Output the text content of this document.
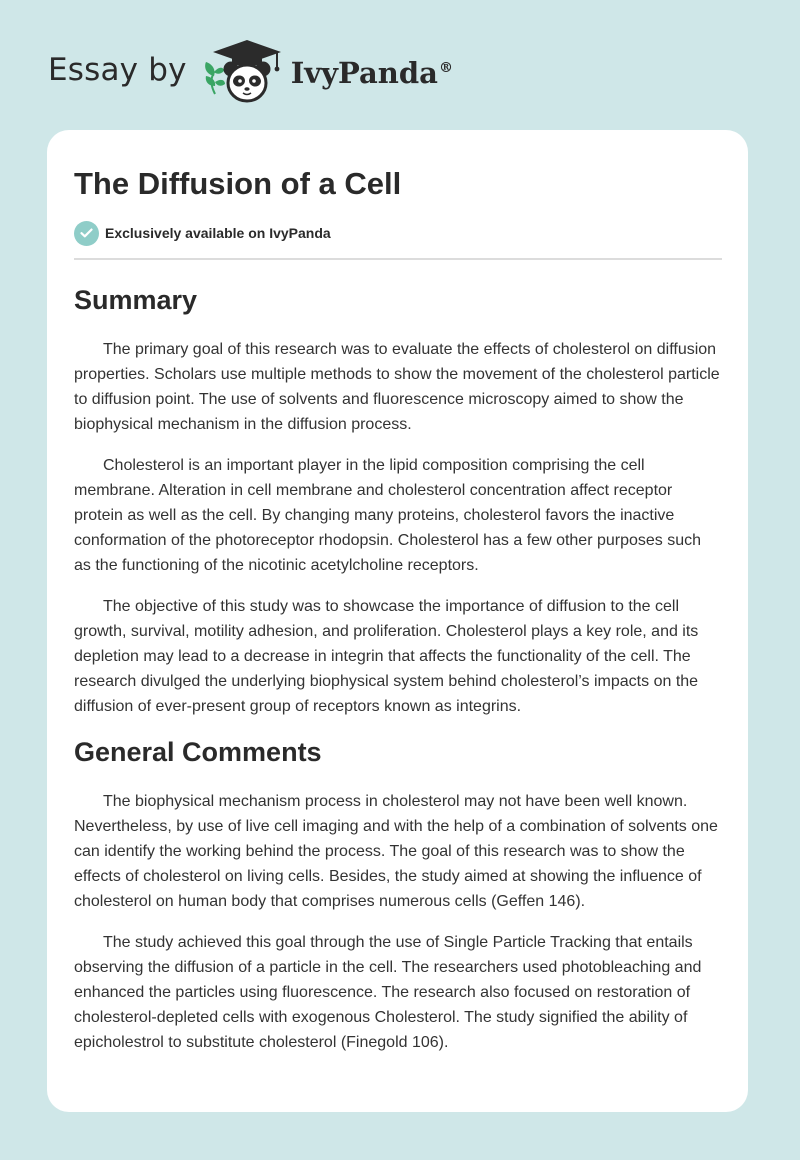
Essay by	IvyPanda®
The Diffusion of a Cell
Exclusively available on IvyPanda
Summary

The primary goal of this research was to evaluate the effects of cholesterol on diffusion properties. Scholars use multiple methods to show the movement of the cholesterol particle to diffusion point. The use of solvents and fluorescence microscopy aimed to show the biophysical mechanism in the diffusion process.

Cholesterol is an important player in the lipid composition comprising the cell membrane. Alteration in cell membrane and cholesterol concentration affect receptor protein as well as the cell. By changing many proteins, cholesterol favors the inactive conformation of the photoreceptor rhodopsin. Cholesterol has a few other purposes such as the functioning of the nicotinic acetylcholine receptors.

The objective of this study was to showcase the importance of diffusion to the cell growth, survival, motility adhesion, and proliferation. Cholesterol plays a key role, and its depletion may lead to a decrease in integrin that affects the functionality of the cell. The research divulged the underlying biophysical system behind cholesterol’s impacts on the diffusion of ever-present group of receptors known as integrins.

General Comments

The biophysical mechanism process in cholesterol may not have been well known. Nevertheless, by use of live cell imaging and with the help of a combination of solvents one can identify the working behind the process. The goal of this research was to show the effects of cholesterol on living cells. Besides, the study aimed at showing the influence of cholesterol on human body that comprises numerous cells (Geffen 146).

The study achieved this goal through the use of Single Particle Tracking that entails observing the diffusion of a particle in the cell. The researchers used photobleaching and enhanced the particles using fluorescence. The research also focused on restoration of cholesterol-depleted cells with exogenous Cholesterol. The study signified the ability of epicholestrol to substitute cholesterol (Finegold 106).
